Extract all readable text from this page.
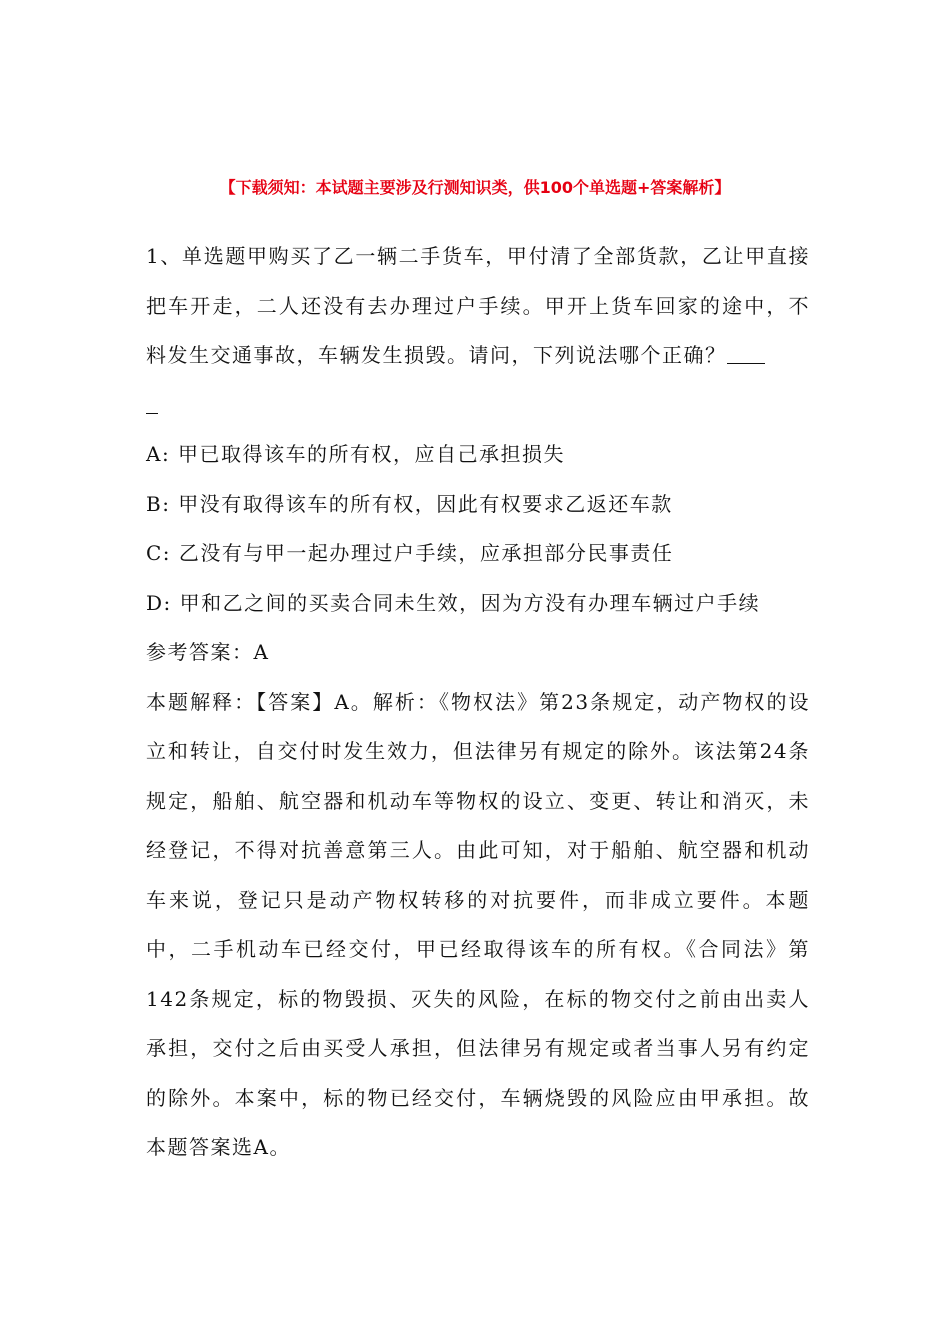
【下载须知：本试题主要涉及行测知识类，供100个单选题+答案解析】

1、单选题甲购买了乙一辆二手货车，甲付清了全部货款，乙让甲直接把车开走，二人还没有去办理过户手续。甲开上货车回家的途中，不料发生交通事故，车辆发生损毁。请问，下列说法哪个正确？

A: 甲已取得该车的所有权，应自己承担损失

B: 甲没有取得该车的所有权，因此有权要求乙返还车款

C: 乙没有与甲一起办理过户手续，应承担部分民事责任

D: 甲和乙之间的买卖合同未生效，因为方没有办理车辆过户手续

参考答案：A

本题解释：【答案】A。解析：《物权法》第23条规定，动产物权的设立和转让，自交付时发生效力，但法律另有规定的除外。该法第24条规定，船舶、航空器和机动车等物权的设立、变更、转让和消灭，未经登记，不得对抗善意第三人。由此可知，对于船舶、航空器和机动车来说，登记只是动产物权转移的对抗要件，而非成立要件。本题中，二手机动车已经交付，甲已经取得该车的所有权。《合同法》第142条规定，标的物毁损、灭失的风险，在标的物交付之前由出卖人承担，交付之后由买受人承担，但法律另有规定或者当事人另有约定的除外。本案中，标的物已经交付，车辆烧毁的风险应由甲承担。故本题答案选A。
